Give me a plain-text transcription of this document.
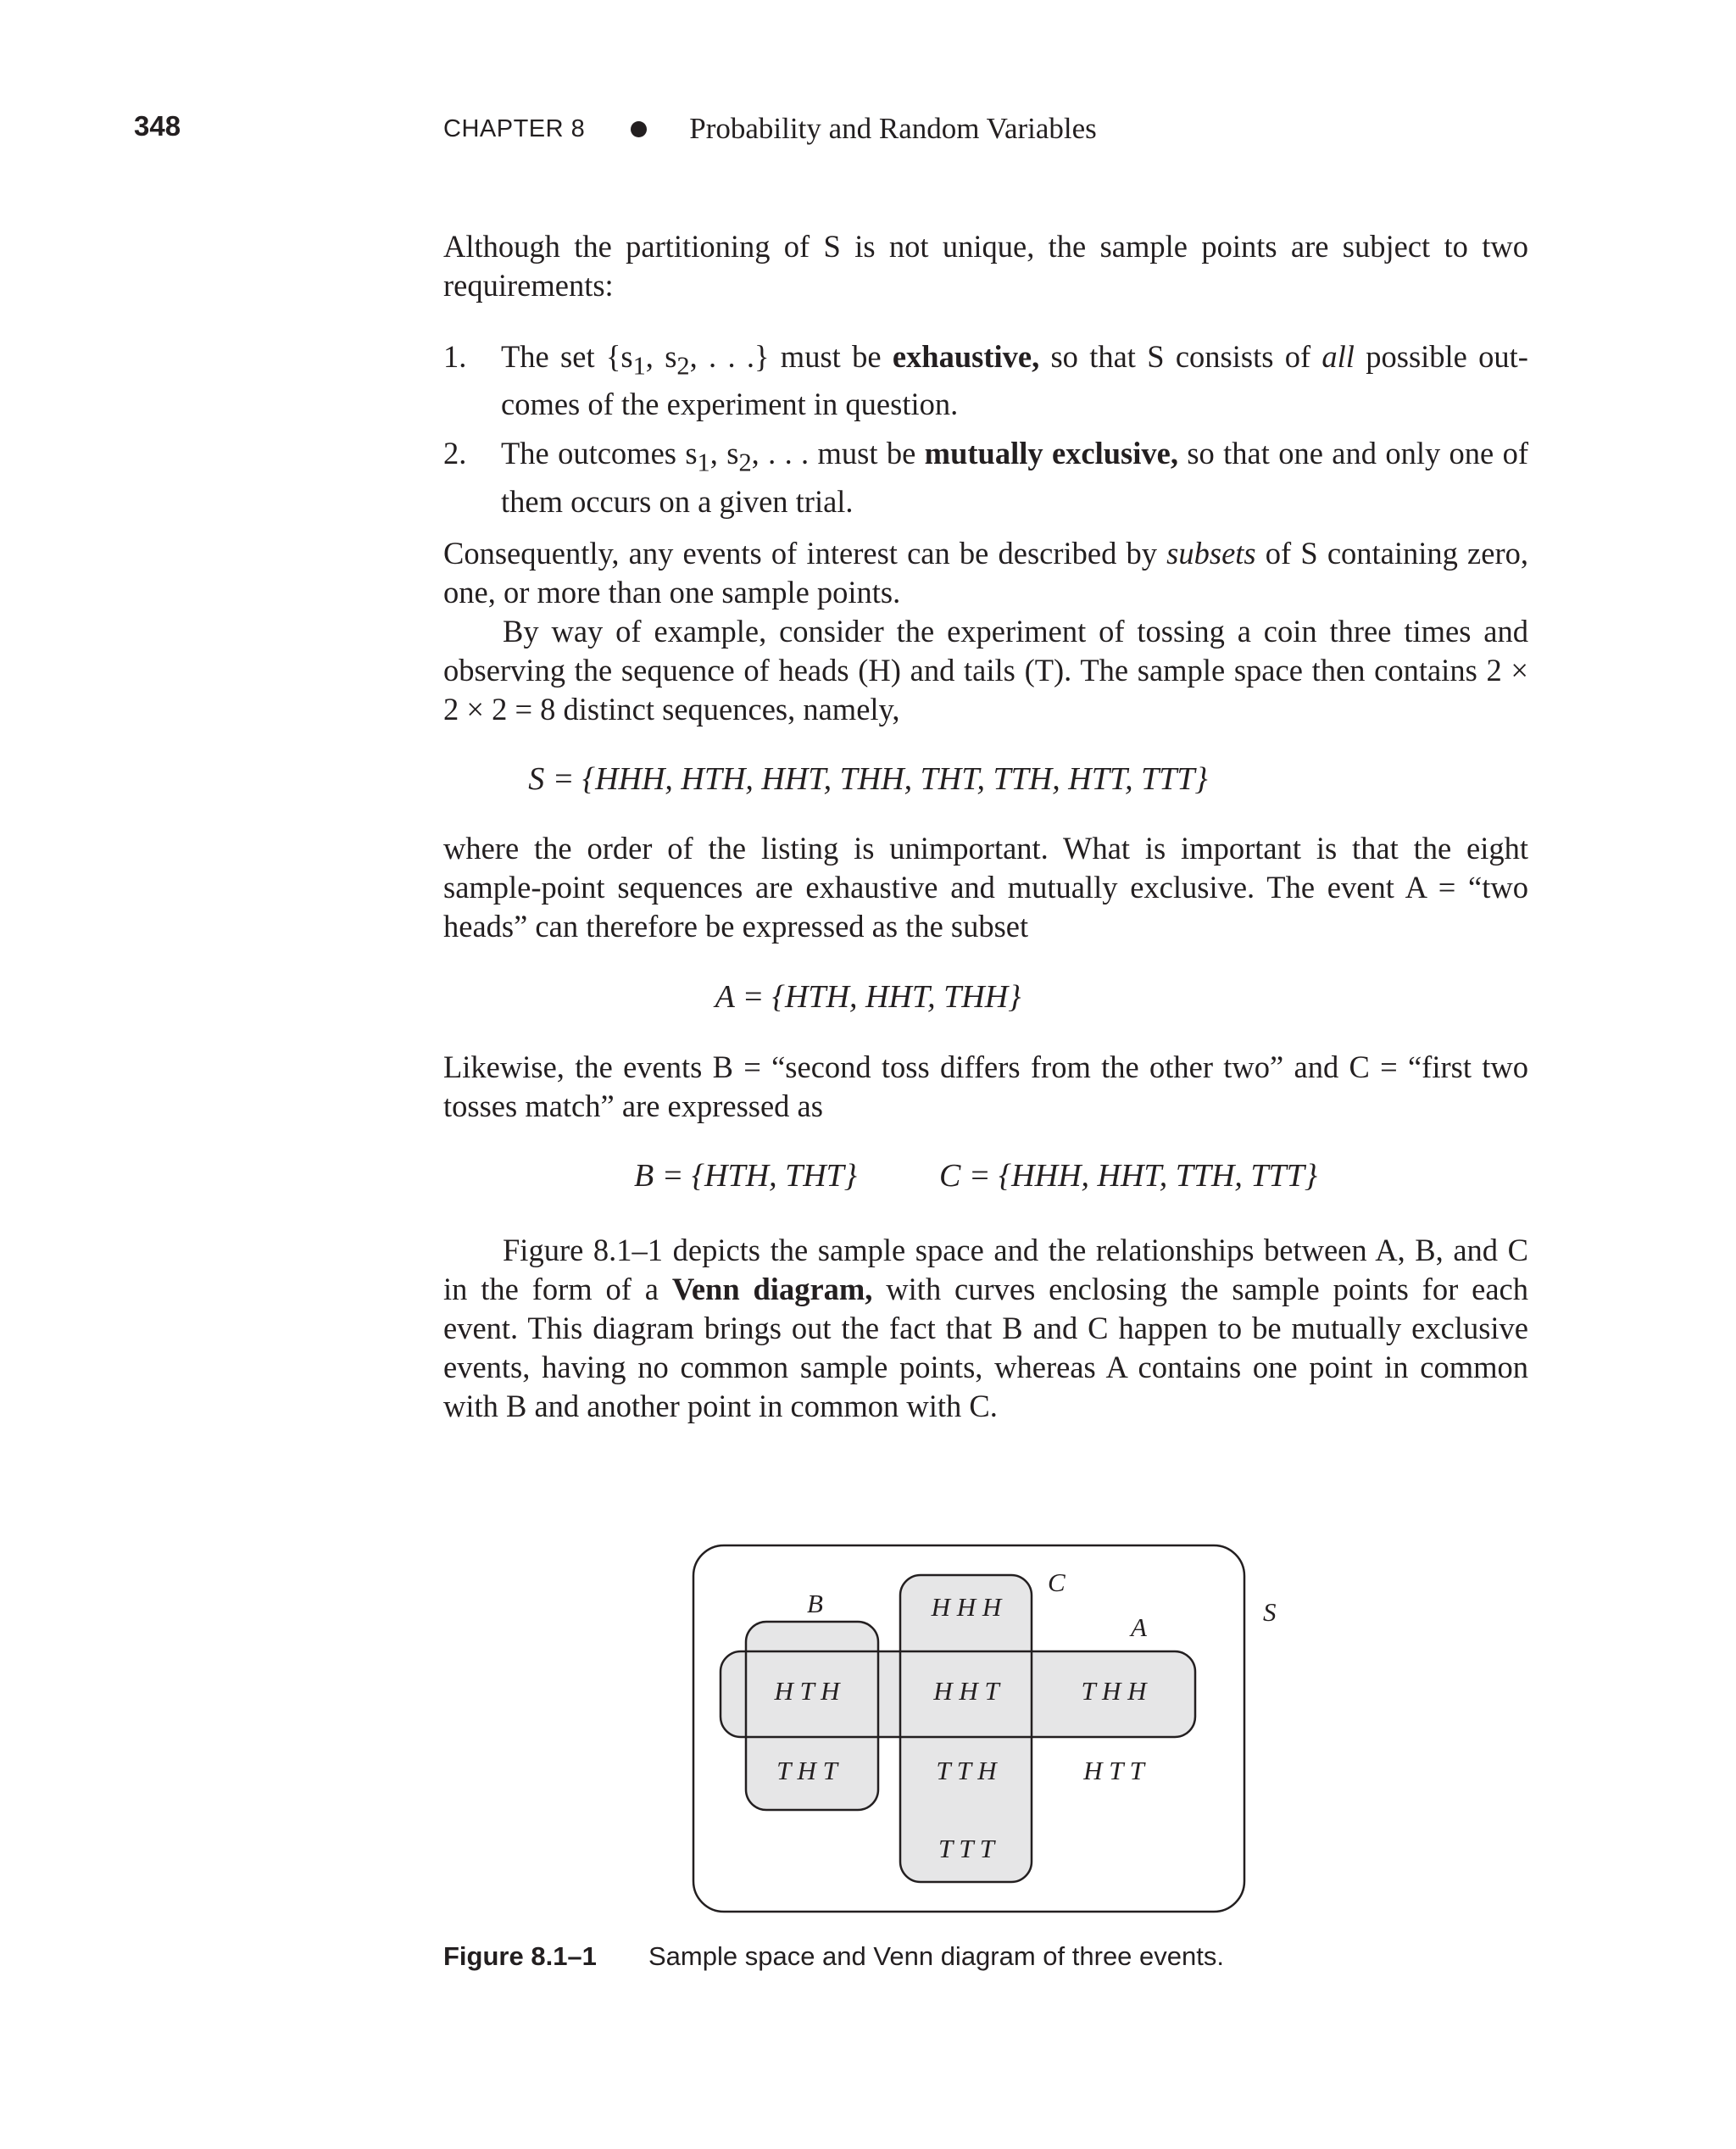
348	CHAPTER 8	Probability and Random Variables

Although the partitioning of S is not unique, the sample points are subject to two requirements:

1. The set {$s_1$, $s_2$, . . .} must be exhaustive, so that S consists of all possible out-comes of the experiment in question.
2. The outcomes $s_1$, $s_2$, . . . must be mutually exclusive, so that one and only one of them occurs on a given trial.

Consequently, any events of interest can be described by subsets of S containing zero, one, or more than one sample points.

By way of example, consider the experiment of tossing a coin three times and observing the sequence of heads (H) and tails (T). The sample space then contains 2 × 2 × 2 = 8 distinct sequences, namely,

S = {HHH, HTH, HHT, THH, THT, TTH, HTT, TTT}

where the order of the listing is unimportant. What is important is that the eight sample-point sequences are exhaustive and mutually exclusive. The event A = “two heads” can therefore be expressed as the subset

A = {HTH, HHT, THH}

Likewise, the events B = “second toss differs from the other two” and C = “first two tosses match” are expressed as

B = {HTH, THT}	C = {HHH, HHT, TTH, TTT}

Figure 8.1–1 depicts the sample space and the relationships between A, B, and C in the form of a Venn diagram, with curves enclosing the sample points for each event. This diagram brings out the fact that B and C happen to be mutually exclusive events, having no common sample points, whereas A contains one point in common with B and another point in common with C.

B
C
A
S
H H H
H T H	H H T	T H H
T H T	T T H	H T T
T T T
Figure 8.1–1 Sample space and Venn diagram of three events.
